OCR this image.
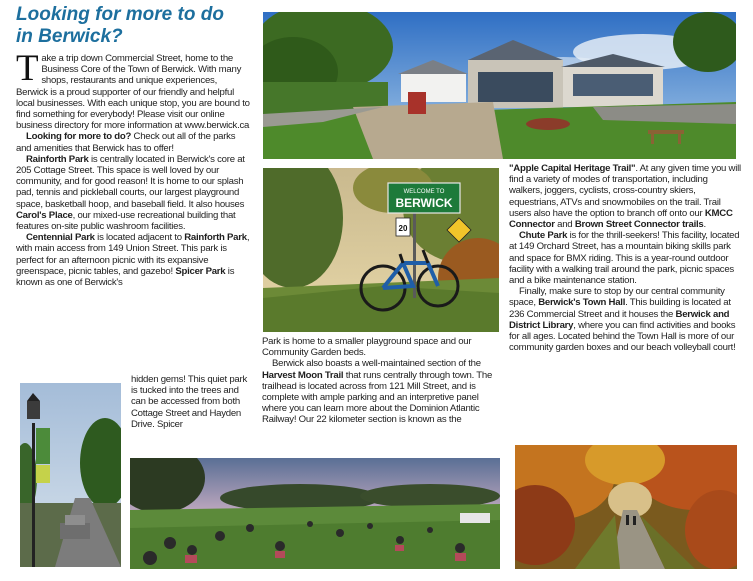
Looking for more to do
in Berwick?

Take a trip down Commercial Street, home to the Business Core of the Town of Berwick. With many shops, restaurants and unique experiences, Berwick is a proud supporter of our friendly and helpful local businesses. With each unique stop, you are bound to find something for everybody! Please visit our online business directory for more information at www.berwick.ca

Looking for more to do? Check out all of the parks and amenities that Berwick has to offer!

Rainforth Park is centrally located in Berwick's core at 205 Cottage Street. This space is well loved by our community, and for good reason! It is home to our splash pad, tennis and pickleball courts, our largest playground space, basketball hoop, and baseball field. It also houses Carol's Place, our mixed-use recreational building that features on-site public washroom facilities.

Centennial Park is located adjacent to Rainforth Park, with main access from 149 Union Street. This park is perfect for an afternoon picnic with its expansive greenspace, picnic tables, and gazebo! Spicer Park is known as one of Berwick's

hidden gems! This quiet park is tucked into the trees and can be accessed from both Cottage Street and Hayden Drive. Spicer

Park is home to a smaller playground space and our Community Garden beds.

Berwick also boasts a well-maintained section of the Harvest Moon Trail that runs centrally through town. The trailhead is located across from 121 Mill Street, and is complete with ample parking and an interpretive panel where you can learn more about the Dominion Atlantic Railway! Our 22 kilometer section is known as the

"Apple Capital Heritage Trail". At any given time you will find a variety of modes of transportation, including walkers, joggers, cyclists, cross-country skiers, equestrians, ATVs and snowmobiles on the trail. Trail users also have the option to branch off onto our KMCC Connector and Brown Street Connector trails.

Chute Park is for the thrill-seekers! This facility, located at 149 Orchard Street, has a mountain biking skills park and space for BMX riding. This is a year-round outdoor facility with a walking trail around the park, picnic spaces and a bike maintenance station.

Finally, make sure to stop by our central community space, Berwick's Town Hall. This building is located at 236 Commercial Street and it houses the Berwick and District Library, where you can find activities and books for all ages. Located behind the Town Hall is more of our community garden boxes and our beach volleyball court!

WELCOME TO
BERWICK
20
